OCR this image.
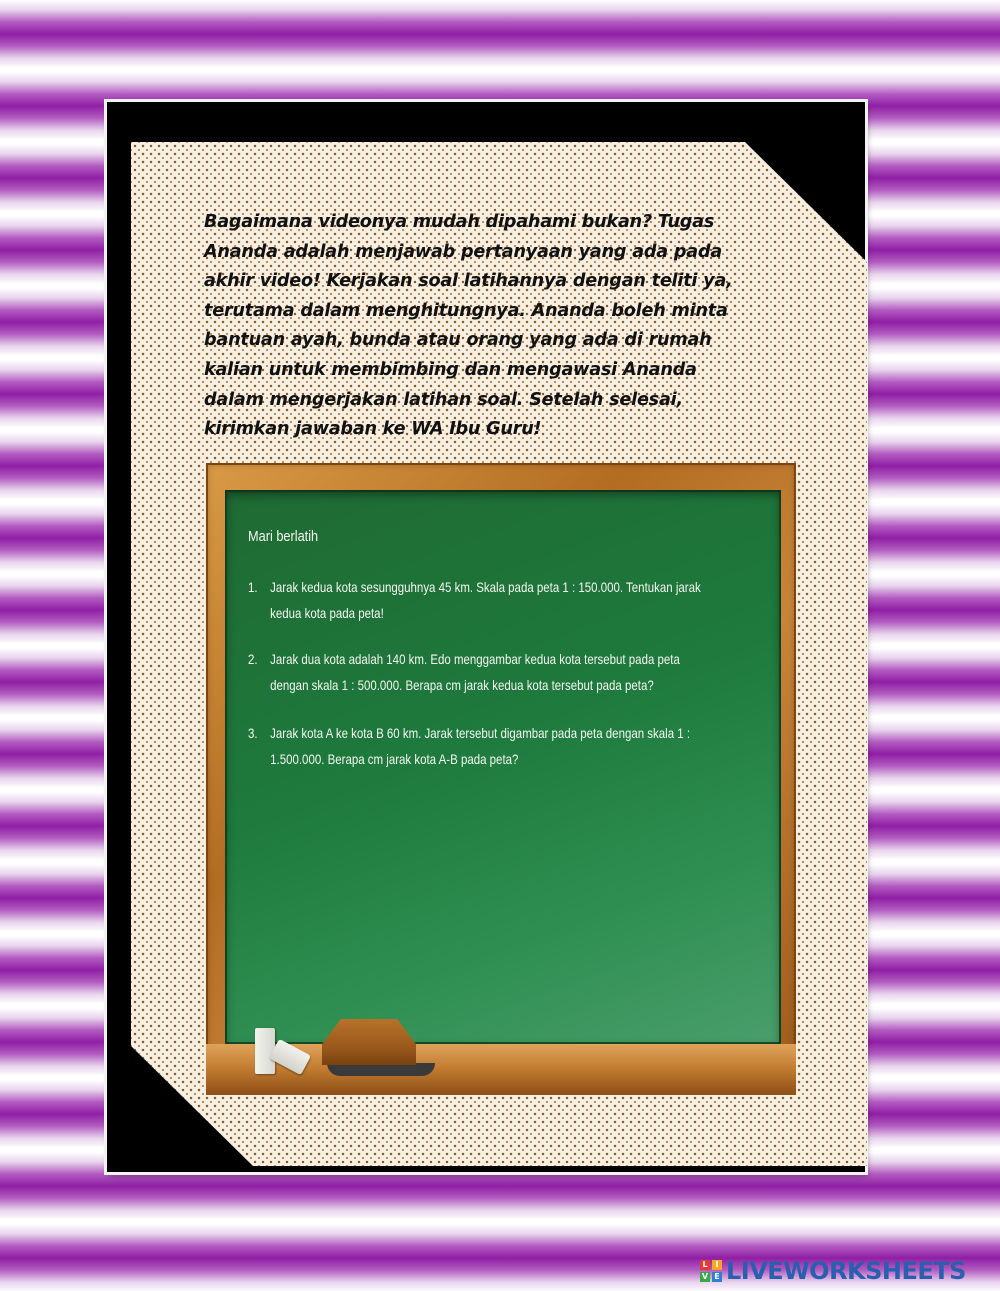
Bagaimana videonya mudah dipahami bukan? Tugas
Ananda adalah menjawab pertanyaan yang ada pada
akhir video! Kerjakan soal latihannya dengan teliti ya,
terutama dalam menghitungnya. Ananda boleh minta
bantuan ayah, bunda atau orang yang ada di rumah
kalian untuk membimbing dan mengawasi Ananda
dalam mengerjakan latihan soal. Setelah selesai,
kirimkan jawaban ke WA Ibu Guru!

Mari berlatih
1. Jarak kedua kota sesungguhnya 45 km. Skala pada peta 1 : 150.000. Tentukan jarak
kedua kota pada peta!
2. Jarak dua kota adalah 140 km. Edo menggambar kedua kota tersebut pada peta
dengan skala 1 : 500.000. Berapa cm jarak kedua kota tersebut pada peta?
3. Jarak kota A ke kota B 60 km. Jarak tersebut digambar pada peta dengan skala 1 :
1.500.000. Berapa cm jarak kota A-B pada peta?
L I
V E LIVEWORKSHEETS
